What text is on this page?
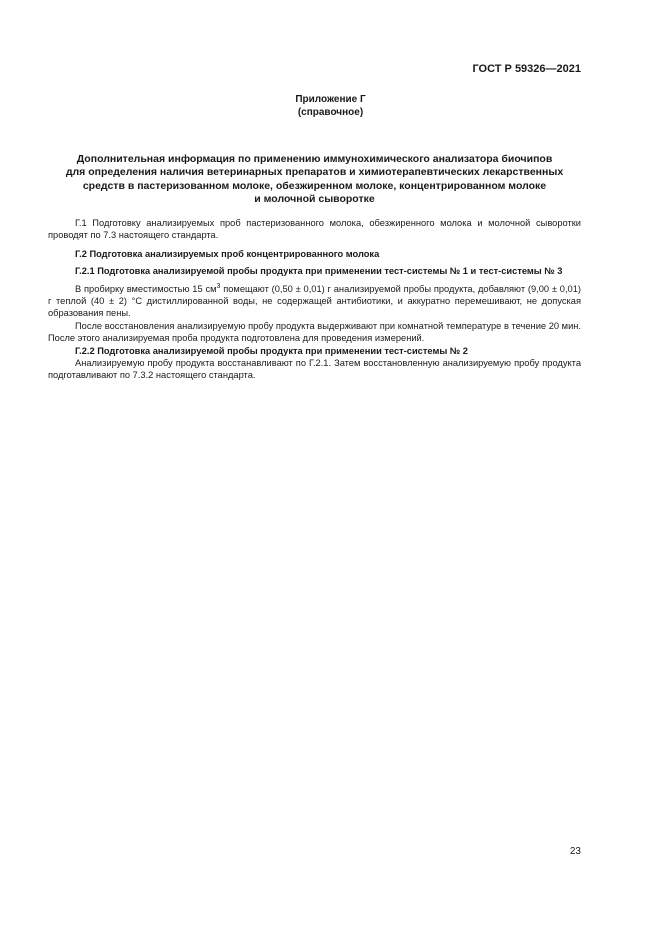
ГОСТ Р 59326—2021
Приложение Г
(справочное)
Дополнительная информация по применению иммунохимического анализатора биочипов
для определения наличия ветеринарных препаратов и химиотерапевтических лекарственных
средств в пастеризованном молоке, обезжиренном молоке, концентрированном молоке
и молочной сыворотке

Г.1 Подготовку анализируемых проб пастеризованного молока, обезжиренного молока и молочной сыворотки проводят по 7.3 настоящего стандарта.

Г.2 Подготовка анализируемых проб концентрированного молока

Г.2.1 Подготовка анализируемой пробы продукта при применении тест-системы № 1 и тест-системы № 3

В пробирку вместимостью 15 $см^3$ помещают (0,50 ± 0,01) г анализируемой пробы продукта, добавляют (9,00 ± 0,01) г теплой (40 ± 2) °С дистиллированной воды, не содержащей антибиотики, и аккуратно перемешивают, не допуская образования пены.

После восстановления анализируемую пробу продукта выдерживают при комнатной температуре в течение 20 мин. После этого анализируемая проба продукта подготовлена для проведения измерений.

Г.2.2 Подготовка анализируемой пробы продукта при применении тест-системы № 2

Анализируемую пробу продукта восстанавливают по Г.2.1. Затем восстановленную анализируемую пробу продукта подготавливают по 7.3.2 настоящего стандарта.

23
